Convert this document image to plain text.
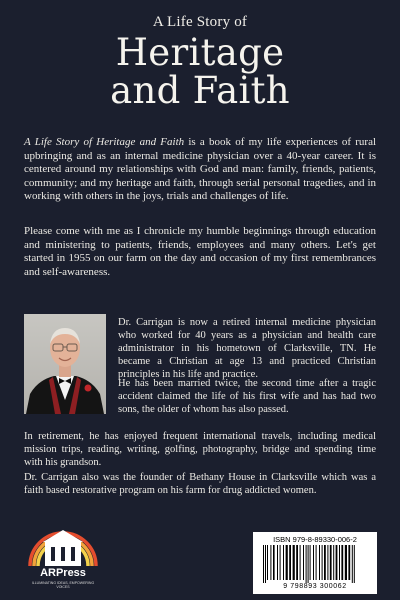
A Life Story of
Heritage
and Faith

A Life Story of Heritage and Faith is a book of my life experiences of rural upbringing and as an internal medicine physician over a 40-year career. It is centered around my relationships with God and man: family, friends, patients, community; and my heritage and faith, through serial personal tragedies, and in working with others in the joys, trials and challenges of life.

Please come with me as I chronicle my humble beginnings through education and ministering to patients, friends, employees and many others. Let's get started in 1955 on our farm on the day and occasion of my first remembrances and self-awareness.

Dr. Carrigan is now a retired internal medicine physician who worked for 40 years as a physician and health care administrator in his hometown of Clarksville, TN. He became a Christian at age 13 and practiced Christian principles in his life and practice.

He has been married twice, the second time after a tragic accident claimed the life of his first wife and has had two sons, the older of whom has also passed.

In retirement, he has enjoyed frequent international travels, including medical mission trips, reading, writing, golfing, photography, bridge and spending time with his grandson.

Dr. Carrigan also was the founder of Bethany House in Clarksville which was a faith based restorative program on his farm for drug addicted women.

ARPress
ILLUMINATING IDEAS, EMPOWERING VOICES
ISBN 979-8-89330-006-2
9 798893 300062
